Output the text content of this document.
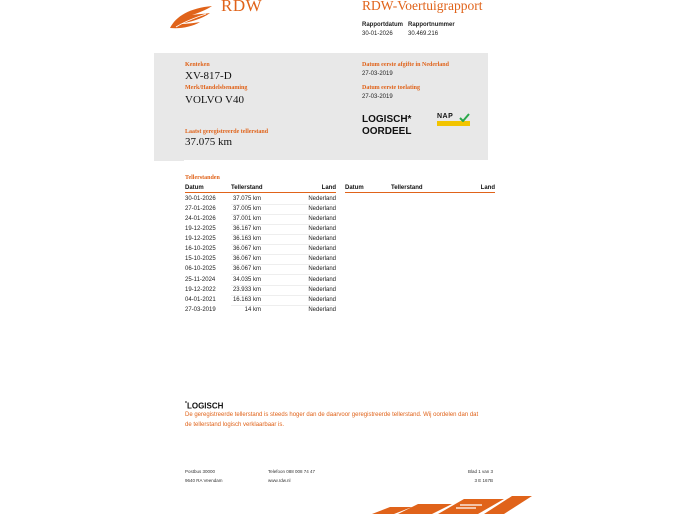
RDW	RDW-Voertuigrapport
Rapportdatum
30-01-2026
Rapportnummer
30.469.216
Kenteken
XV-817-D
Merk/Handelsbenaming
VOLVO V40
Laatst geregistreerde tellerstand
37.075 km
Datum eerste afgifte in Nederland
27-03-2019
Datum eerste toelating
27-03-2019
LOGISCH*
OORDEEL
NAP
Tellerstanden
Datum	Tellerstand	Land Datum	Tellerstand	Land
30-01-2026	37.075 km	Nederland
27-01-2026	37.005 km	Nederland
24-01-2026	37.001 km	Nederland
19-12-2025	36.167 km	Nederland
19-12-2025	36.163 km	Nederland
16-10-2025	36.067 km	Nederland
15-10-2025	36.067 km	Nederland
06-10-2025	36.067 km	Nederland
25-11-2024	34.035 km	Nederland
19-12-2022	23.933 km	Nederland
04-01-2021	16.163 km	Nederland
27-03-2019	14 km	Nederland
*LOGISCH
De geregistreerde tellerstand is steeds hoger dan de daarvoor geregistreerde tellerstand. Wij oordelen dan dat de tellerstand logisch verklaarbaar is.
Postbus 30000
9640 RA Veendam
Telefoon 088 008 74 47
www.rdw.nl
Blad 1 van 3
3 E 167B
